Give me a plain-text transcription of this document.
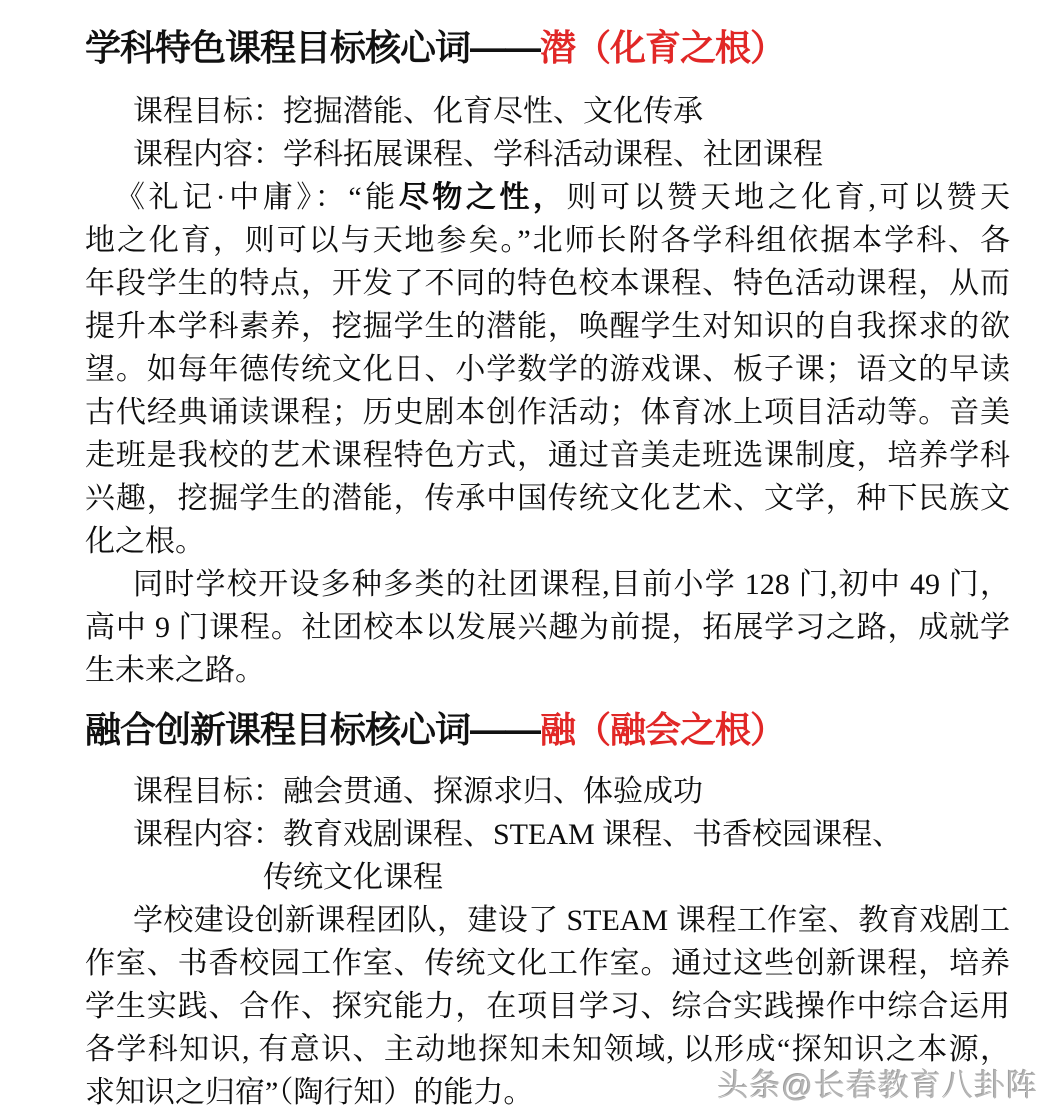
学科特色课程目标核心词——潜（化育之根）
课程目标：挖掘潜能、化育尽性、文化传承
课程内容：学科拓展课程、学科活动课程、社团课程
《礼记·中庸》：“能尽物之性，则可以赞天地之化育,可以赞天
地之化育，则可以与天地参矣。”北师长附各学科组依据本学科、各
年段学生的特点，开发了不同的特色校本课程、特色活动课程，从而
提升本学科素养，挖掘学生的潜能，唤醒学生对知识的自我探求的欲
望。如每年德传统文化日、小学数学的游戏课、板子课；语文的早读
古代经典诵读课程；历史剧本创作活动；体育冰上项目活动等。音美
走班是我校的艺术课程特色方式，通过音美走班选课制度，培养学科
兴趣，挖掘学生的潜能，传承中国传统文化艺术、文学，种下民族文
化之根。
同时学校开设多种多类的社团课程,目前小学 128 门,初中 49 门，
高中 9 门课程。社团校本以发展兴趣为前提，拓展学习之路，成就学
生未来之路。
融合创新课程目标核心词——融（融会之根）
课程目标：融会贯通、探源求归、体验成功
课程内容：教育戏剧课程、STEAM 课程、书香校园课程、
传统文化课程
学校建设创新课程团队，建设了 STEAM 课程工作室、教育戏剧工
作室、书香校园工作室、传统文化工作室。通过这些创新课程，培养
学生实践、合作、探究能力，在项目学习、综合实践操作中综合运用
各学科知识, 有意识、主动地探知未知领域, 以形成“探知识之本源，
求知识之归宿”（陶行知）的能力。	头条@长春教育八卦阵
